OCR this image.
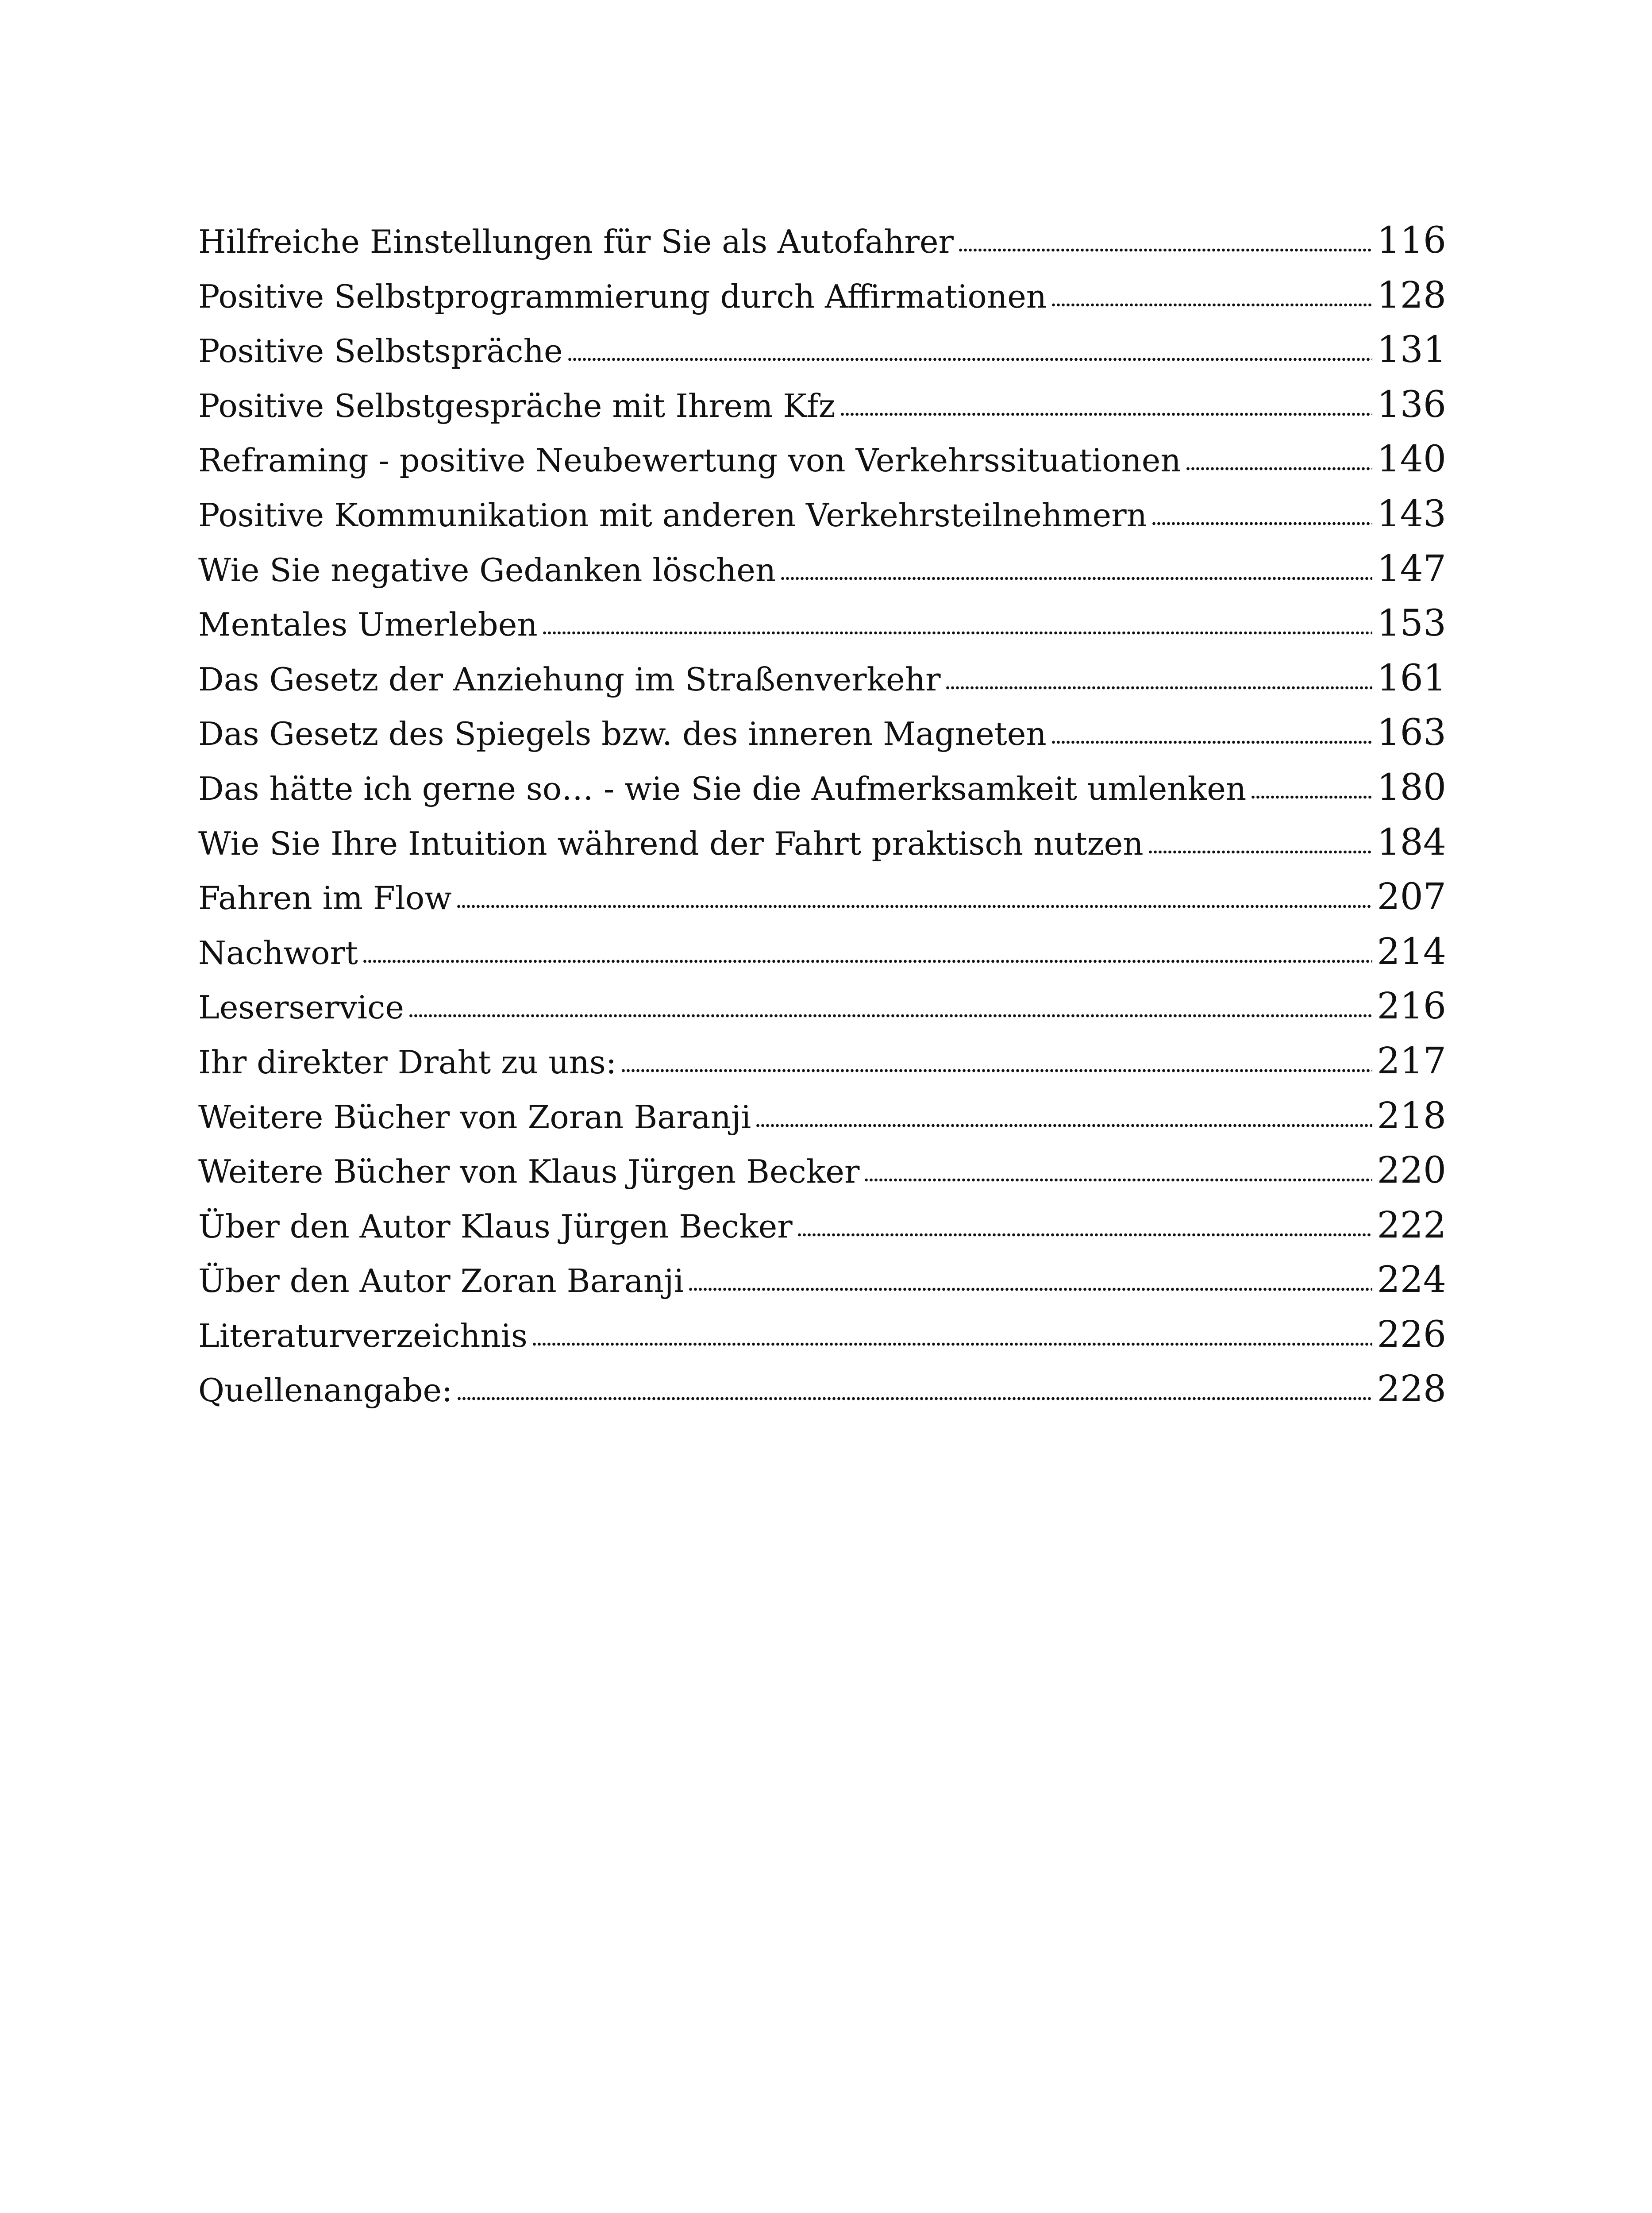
Hilfreiche Einstellungen für Sie als Autofahrer	116
Positive Selbstprogrammierung durch Affirmationen	128
Positive Selbstspräche	131
Positive Selbstgespräche mit Ihrem Kfz	136
Reframing - positive Neubewertung von Verkehrssituationen	140
Positive Kommunikation mit anderen Verkehrsteilnehmern	143
Wie Sie negative Gedanken löschen	147
Mentales Umerleben	153
Das Gesetz der Anziehung im Straßenverkehr	161
Das Gesetz des Spiegels bzw. des inneren Magneten	163
Das hätte ich gerne so… - wie Sie die Aufmerksamkeit umlenken	180
Wie Sie Ihre Intuition während der Fahrt praktisch nutzen	184
Fahren im Flow	207
Nachwort	214
Leserservice	216
Ihr direkter Draht zu uns:	217
Weitere Bücher von Zoran Baranji	218
Weitere Bücher von Klaus Jürgen Becker	220
Über den Autor Klaus Jürgen Becker	222
Über den Autor Zoran Baranji	224
Literaturverzeichnis	226
Quellenangabe:	228
